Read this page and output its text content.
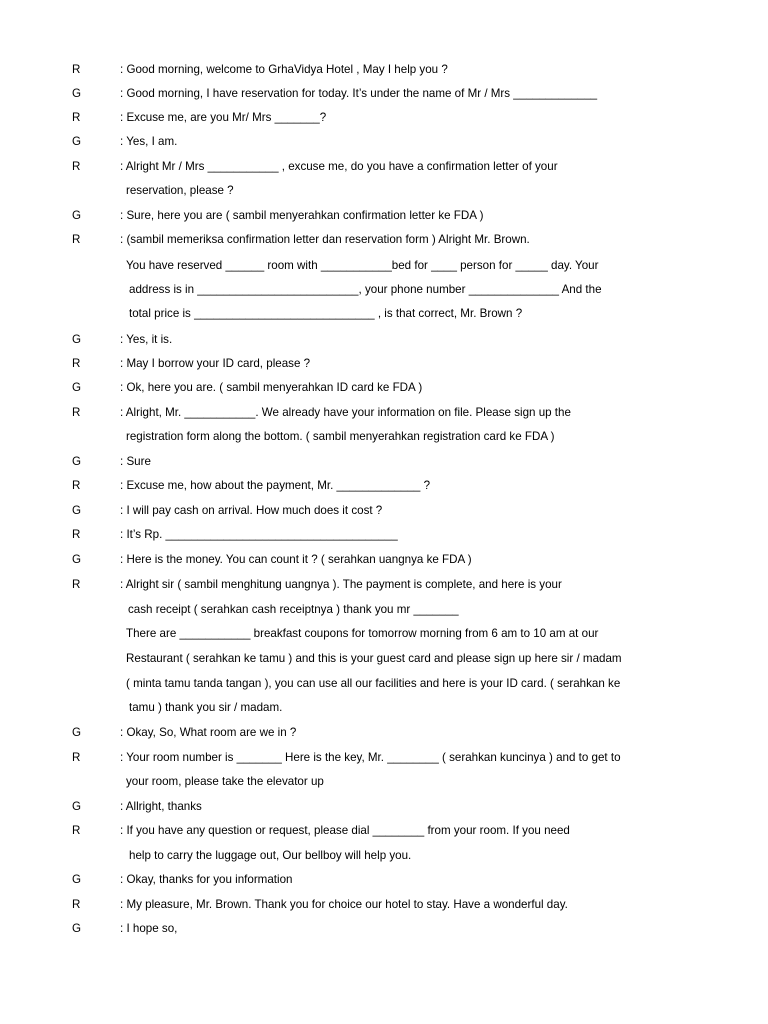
R	: Good morning, welcome to GrhaVidya Hotel , May I help you ?
G	: Good morning, I have reservation for today. It’s under the name of Mr / Mrs _____________
R	: Excuse me, are you Mr/ Mrs _______?
G	: Yes, I am.
R	: Alright Mr / Mrs ___________ , excuse me, do you have a confirmation letter of your
reservation, please ?
G	: Sure, here you are ( sambil menyerahkan confirmation letter ke FDA )
R	: (sambil memeriksa confirmation letter dan reservation form ) Alright Mr. Brown.
You have reserved ______ room with ___________bed for ____ person for _____ day. Your
address is in _________________________, your phone number ______________ And the
total price is ____________________________ , is that correct, Mr. Brown ?
G	: Yes, it is.
R	: May I borrow your ID card, please ?
G	: Ok, here you are. ( sambil menyerahkan ID card ke FDA )
R	: Alright, Mr. ___________. We already have your information on file. Please sign up the
registration form along the bottom. ( sambil menyerahkan registration card ke FDA )
G	: Sure
R	: Excuse me, how about the payment, Mr. _____________ ?
G	: I will pay cash on arrival. How much does it cost ?
R	: It’s Rp. ____________________________________
G	: Here is the money. You can count it ? ( serahkan uangnya ke FDA )
R	: Alright sir ( sambil menghitung uangnya ). The payment is complete, and here is your
cash receipt ( serahkan cash receiptnya ) thank you mr _______
There are ___________ breakfast coupons for tomorrow morning from 6 am to 10 am at our
Restaurant ( serahkan ke tamu ) and this is your guest card and please sign up here sir / madam
( minta tamu tanda tangan ), you can use all our facilities and here is your ID card. ( serahkan ke
tamu ) thank you sir / madam.
G	: Okay, So, What room are we in ?
R	: Your room number is _______ Here is the key, Mr. ________ ( serahkan kuncinya ) and to get to
your room, please take the elevator up
G	: Allright, thanks
R	: If you have any question or request, please dial ________ from your room. If you need
help to carry the luggage out, Our bellboy will help you.
G	: Okay, thanks for you information
R	: My pleasure, Mr. Brown. Thank you for choice our hotel to stay. Have a wonderful day.
G	: I hope so,
